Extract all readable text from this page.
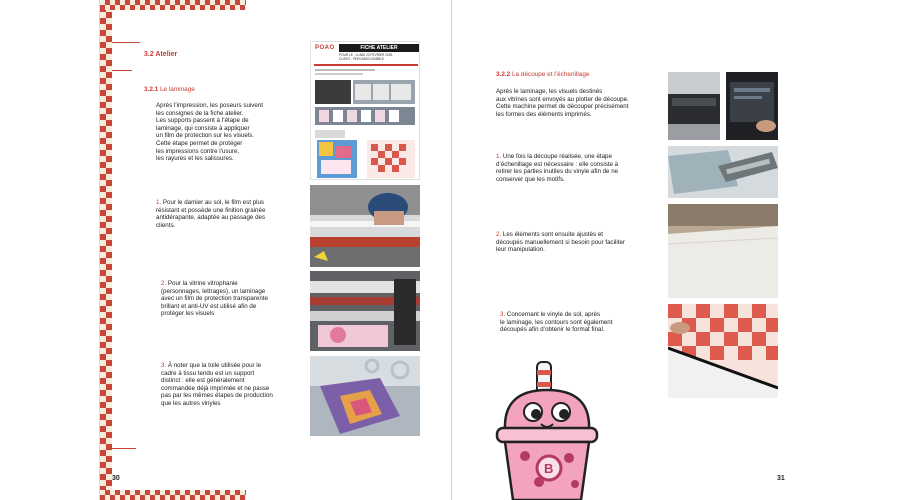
3.2 Atelier
3.2.1 Le laminage
Après l’impression, les poseurs suivent
les consignes de la fiche atelier.
Les supports passent à l’étape de
laminage, qui consiste à appliquer
un film de protection sur les visuels.
Cette étape permet de protéger
les impressions contre l’usure,
les rayures et les salissures.
1. Pour le damier au sol, le film est plus
résistant et possède une finition grainée
antidérapante, adaptée au passage des
clients.
2. Pour la vitrine vitrophanie
(personnages, lettrages), un laminage
avec un film de protection transparente
brillant et anti-UV est utilisé afin de
protéger les visuels
3. À noter que la toile utilisée pour le
cadre à tissu tendu est un support
distinct : elle est généralement
commandée déjà imprimée et ne passe
pas par les mêmes étapes de production
que les autres vinyles
POAO	FICHE ATELIER
POUR LE : LUNDI 23 FEVRIER 2026
CLIENT : PEEKABOO BUBBLE
30
3.2.2 La découpe et l’échenillage
Après le laminage, les visuels destinés
aux vitrines sont envoyés au plotter de découpe.
Cette machine permet de découper précisément
les formes des éléments imprimés.
1. Une fois la découpe réalisée, une étape
d’échenillage est nécessaire : elle consiste à
retirer les parties inutiles du vinyle afin de ne
conserver que les motifs.
2. Les éléments sont ensuite ajustés et
découpés manuellement si besoin pour faciliter
leur manipulation.
3. Concernant le vinyle de sol, après
le laminage, les contours sont également
découpés afin d’obtenir le format final.
B
31
